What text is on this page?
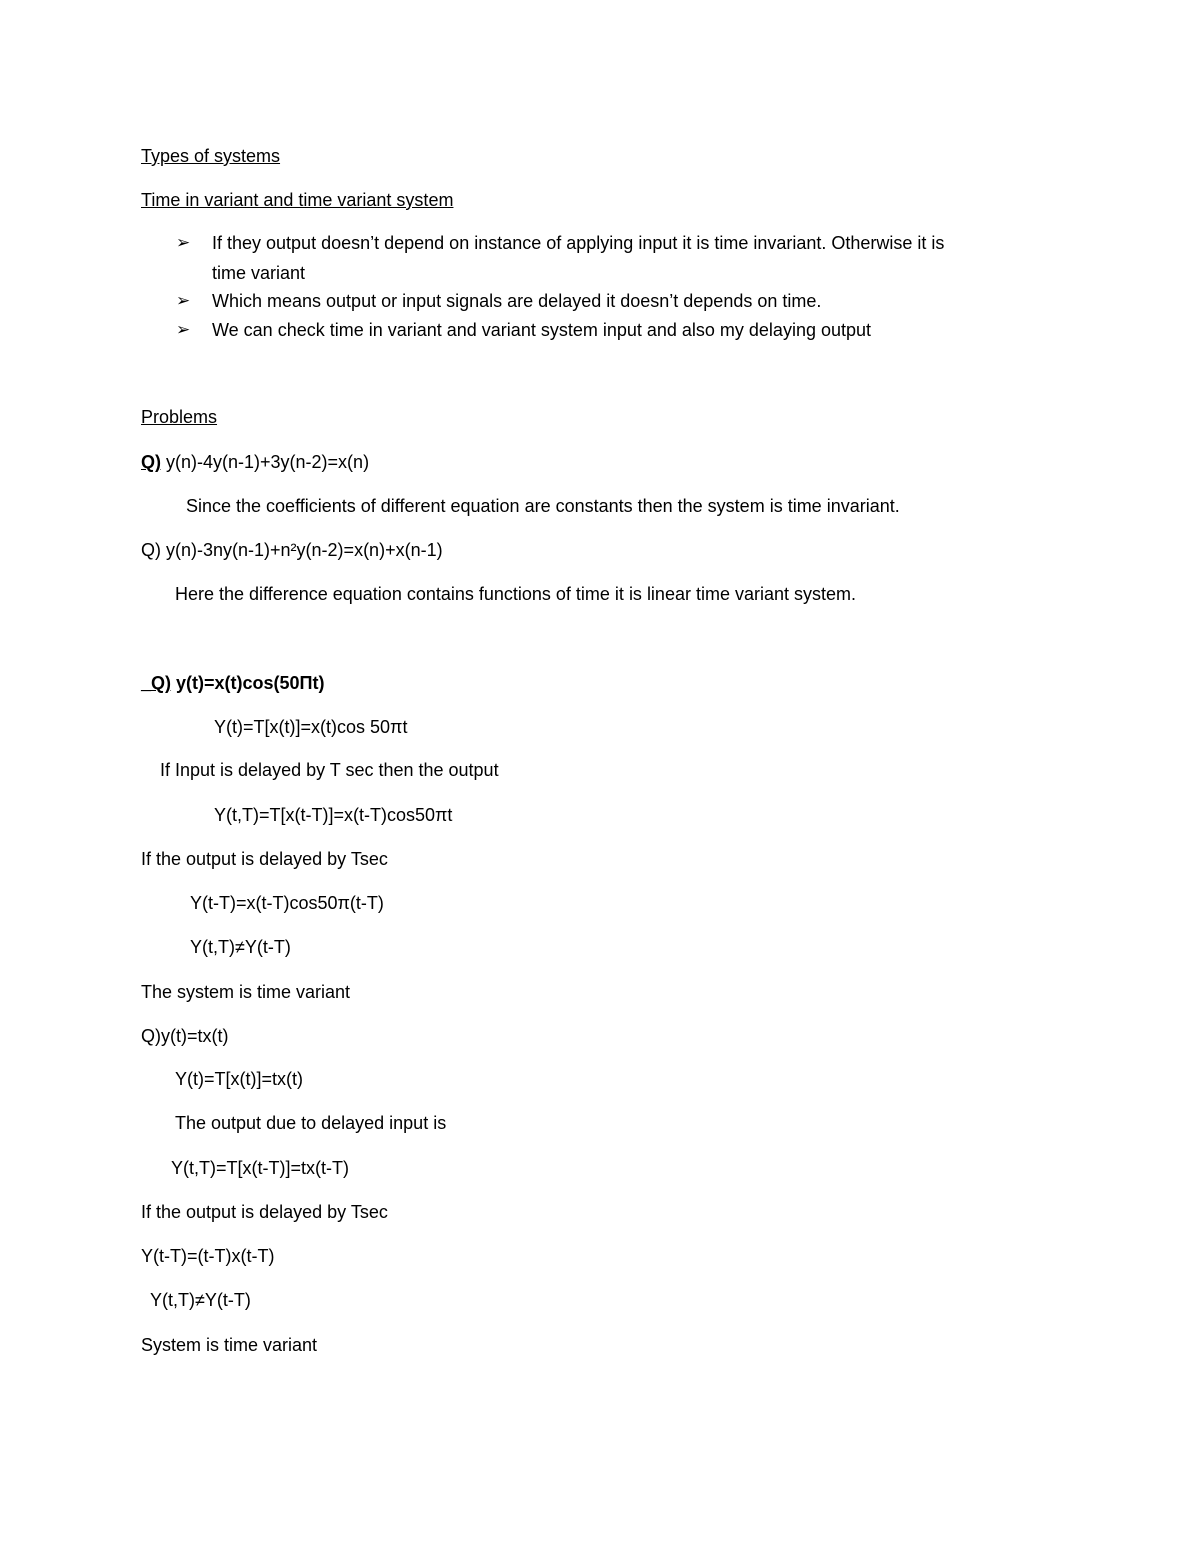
Types of systems
Time in variant and time variant system
➢ If they output doesn’t depend on instance of applying input it is time invariant. Otherwise it is
time variant
➢ Which means output or input signals are delayed it doesn’t depends on time.
➢ We can check time in variant and variant system input and also my delaying output
Problems
Q) y(n)-4y(n-1)+3y(n-2)=x(n)
Since the coefficients of different equation are constants then the system is time invariant.
Q) y(n)-3ny(n-1)+n²y(n-2)=x(n)+x(n-1)
Here the difference equation contains functions of time it is linear time variant system.
_Q) y(t)=x(t)cos(50Πt)
Y(t)=T[x(t)]=x(t)cos 50πt
If Input is delayed by T sec then the output
Y(t,T)=T[x(t-T)]=x(t-T)cos50πt
If the output is delayed by Tsec
Y(t-T)=x(t-T)cos50π(t-T)
Y(t,T)≠Y(t-T)
The system is time variant
Q)y(t)=tx(t)
Y(t)=T[x(t)]=tx(t)
The output due to delayed input is
Y(t,T)=T[x(t-T)]=tx(t-T)
If the output is delayed by Tsec
Y(t-T)=(t-T)x(t-T)
Y(t,T)≠Y(t-T)
System is time variant
